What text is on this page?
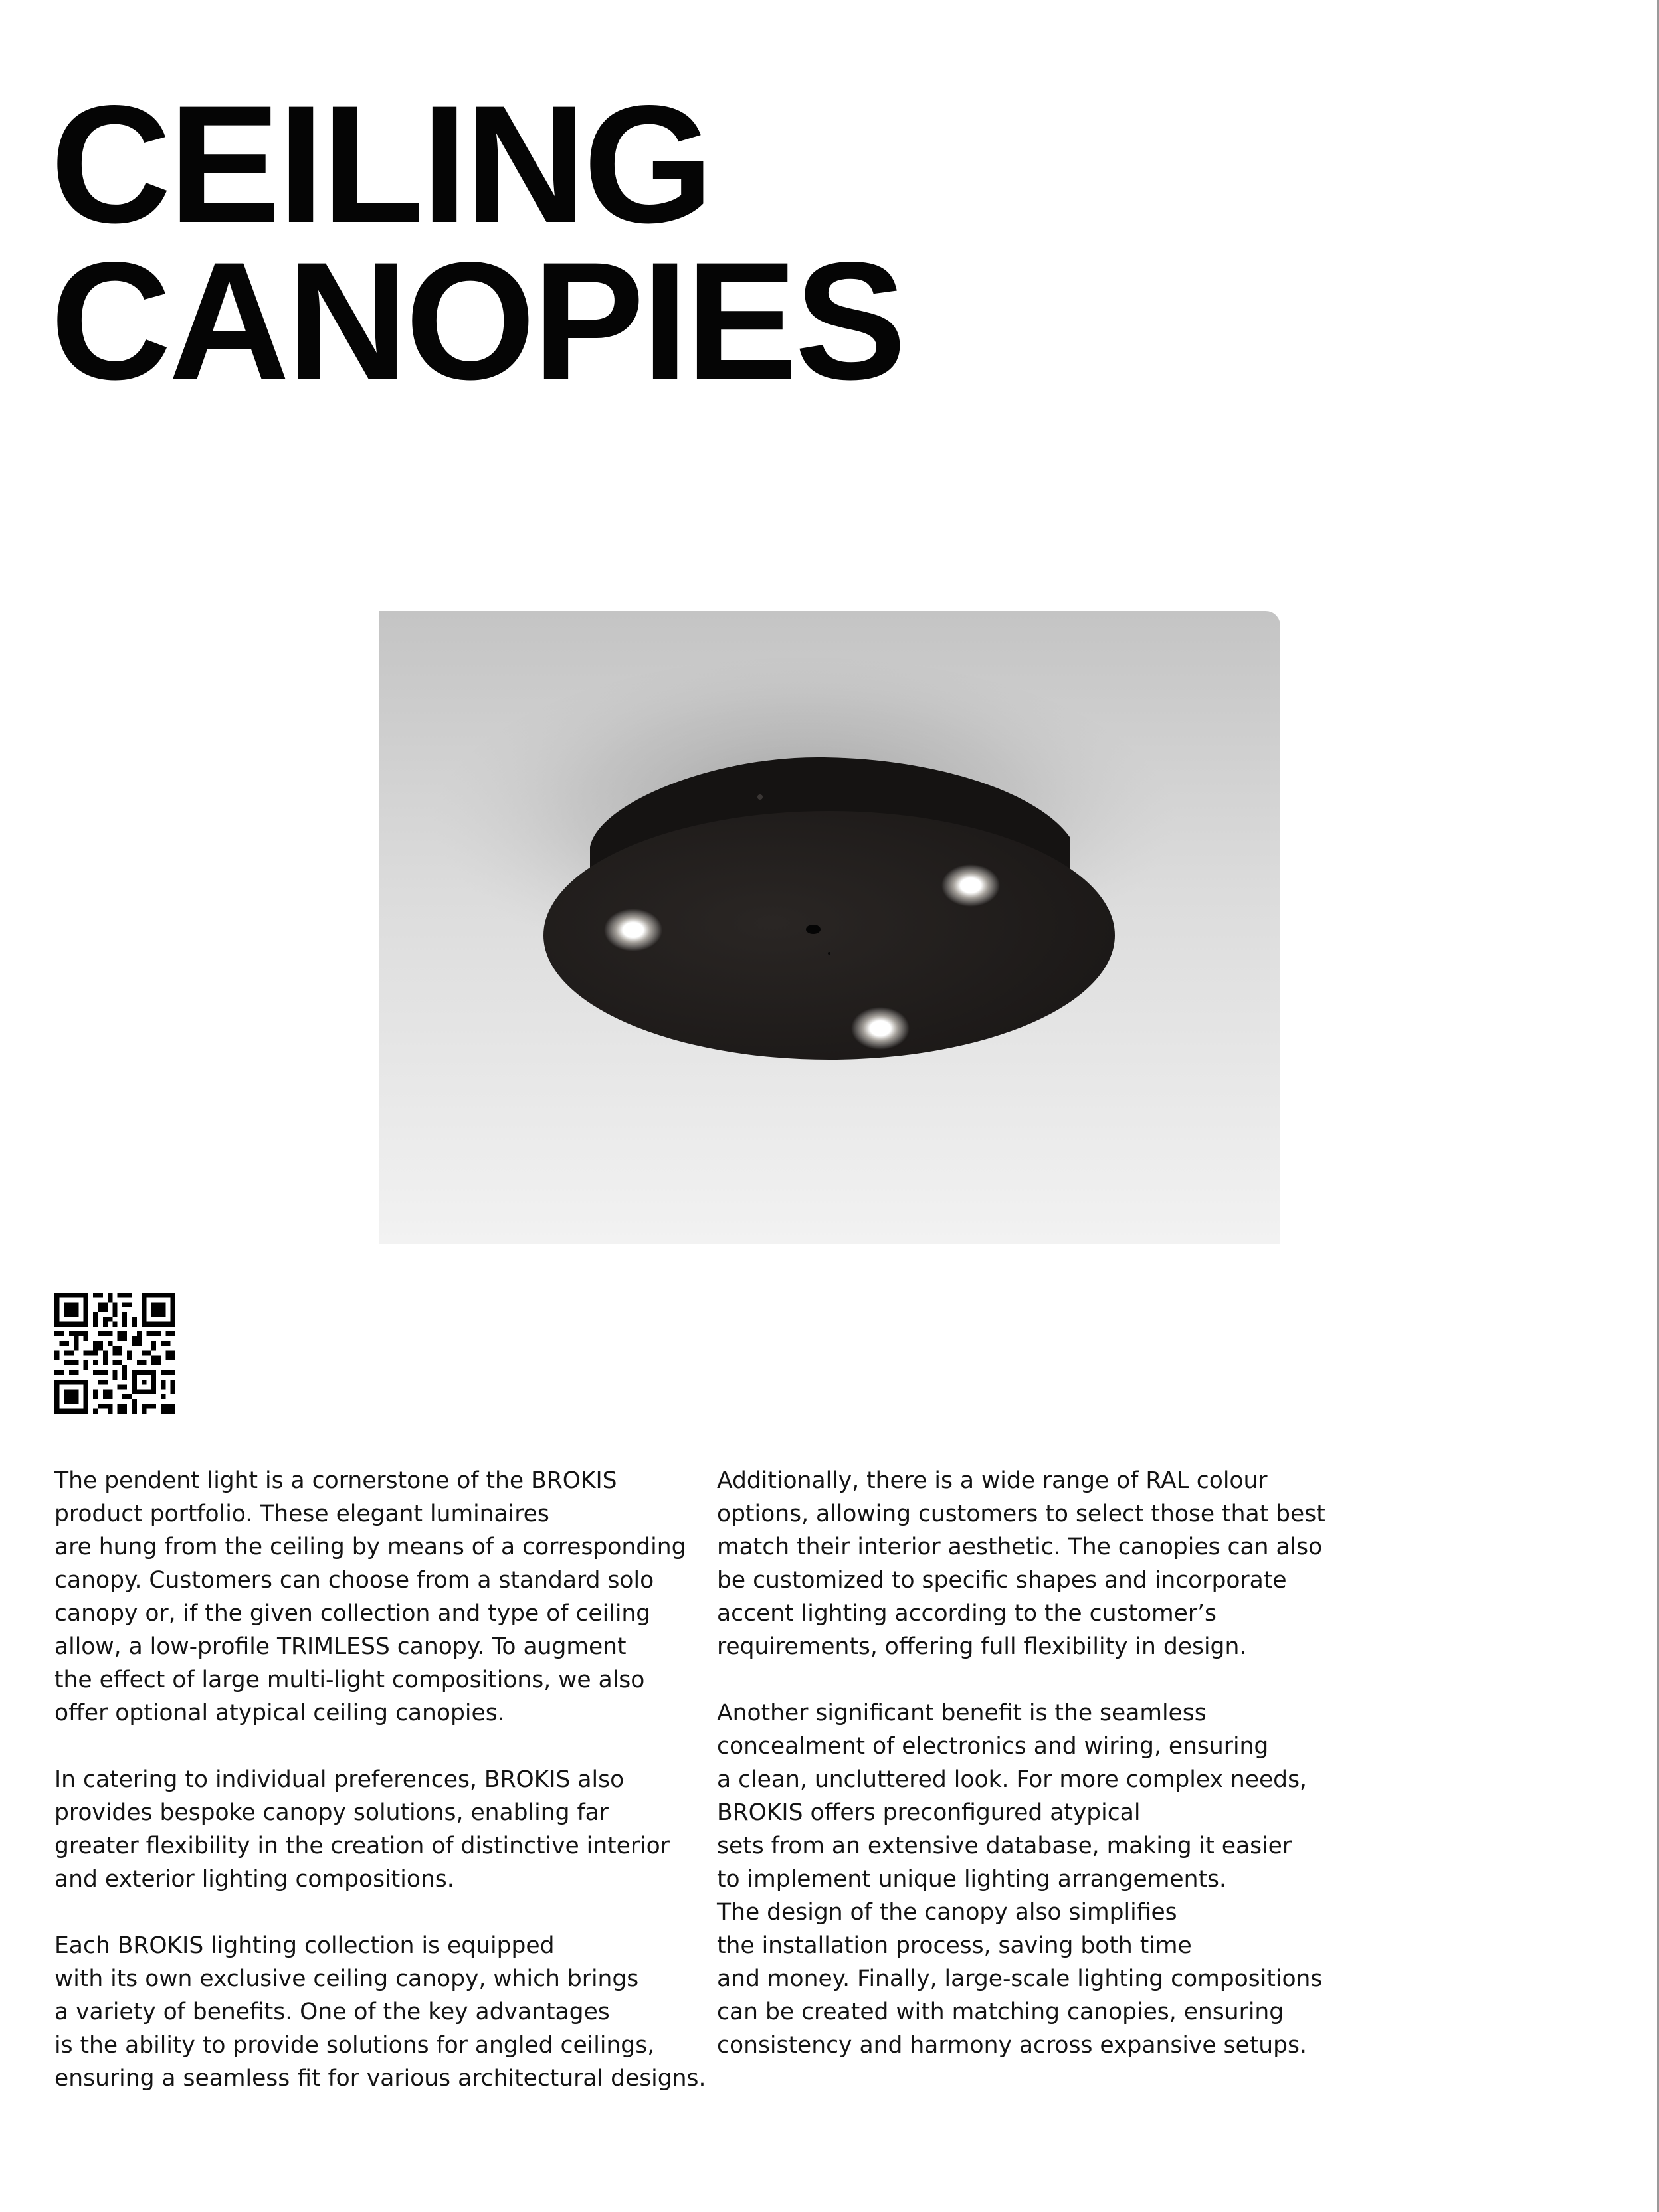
CEILING
CANOPIES

The pendent light is a cornerstone of the BROKIS
product portfolio. These elegant luminaires
are hung from the ceiling by means of a corresponding
canopy. Customers can choose from a standard solo
canopy or, if the given collection and type of ceiling
allow, a low-profile TRIMLESS canopy. To augment
the effect of large multi-light compositions, we also
offer optional atypical ceiling canopies.

In catering to individual preferences, BROKIS also
provides bespoke canopy solutions, enabling far
greater flexibility in the creation of distinctive interior
and exterior lighting compositions.

Each BROKIS lighting collection is equipped
with its own exclusive ceiling canopy, which brings
a variety of benefits. One of the key advantages
is the ability to provide solutions for angled ceilings,
ensuring a seamless fit for various architectural designs.

Additionally, there is a wide range of RAL colour
options, allowing customers to select those that best
match their interior aesthetic. The canopies can also
be customized to specific shapes and incorporate
accent lighting according to the customer’s
requirements, offering full flexibility in design.

Another significant benefit is the seamless
concealment of electronics and wiring, ensuring
a clean, uncluttered look. For more complex needs,
BROKIS offers preconfigured atypical
sets from an extensive database, making it easier
to implement unique lighting arrangements.
The design of the canopy also simplifies
the installation process, saving both time
and money. Finally, large-scale lighting compositions
can be created with matching canopies, ensuring
consistency and harmony across expansive setups.
